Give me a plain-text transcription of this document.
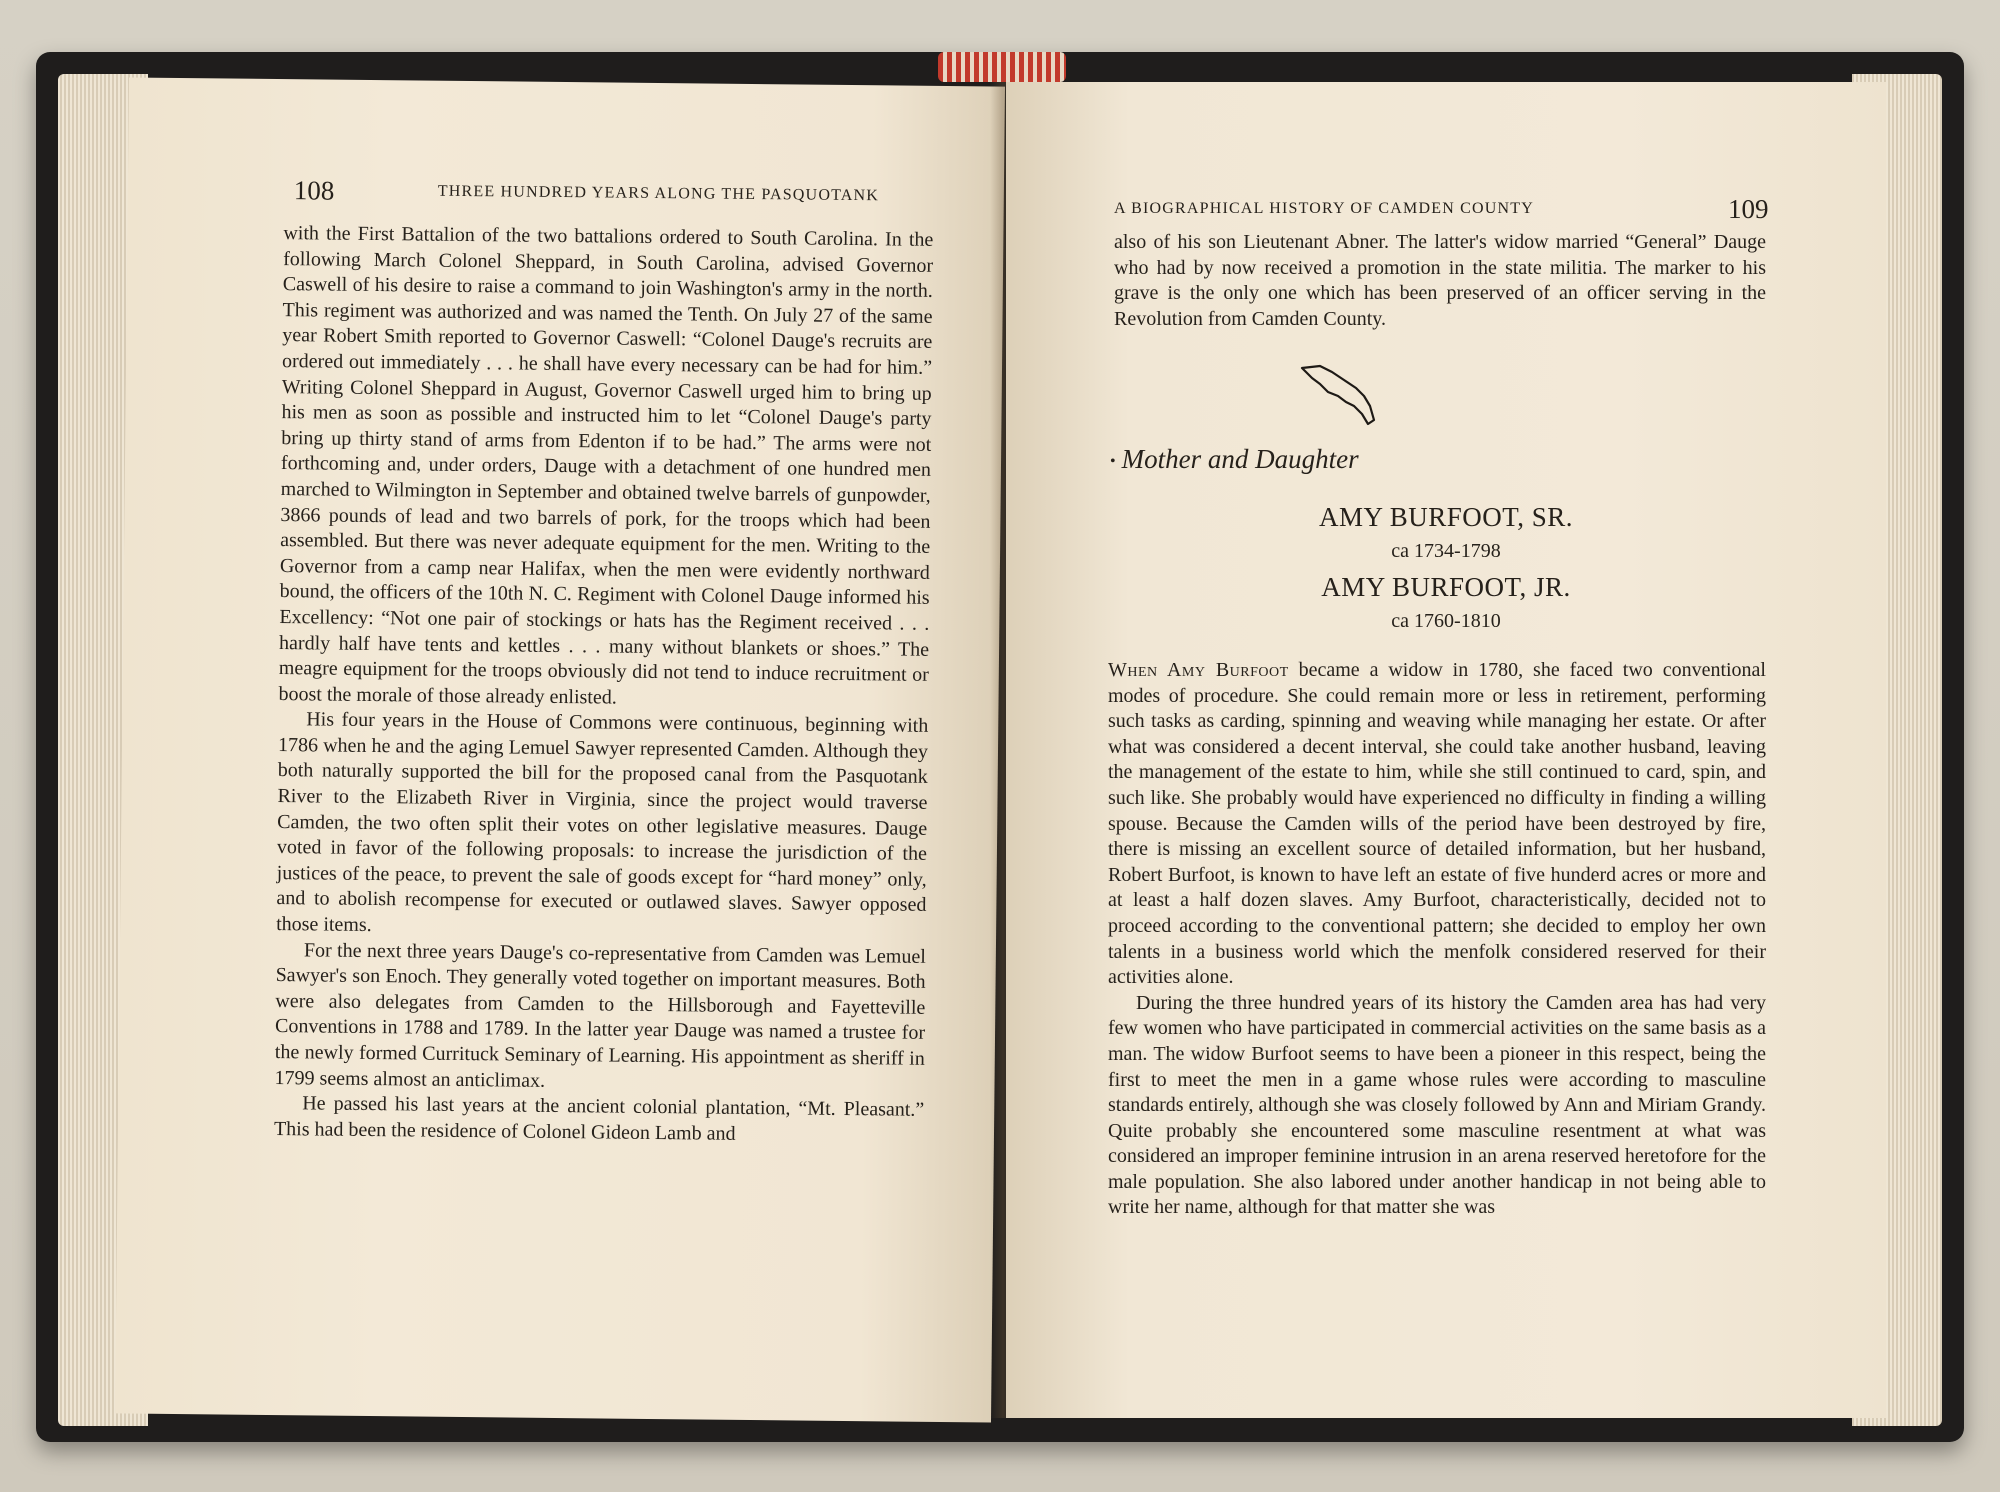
108	THREE HUNDRED YEARS ALONG THE PASQUOTANK

with the First Battalion of the two battalions ordered to South Carolina. In the following March Colonel Sheppard, in South Carolina, advised Governor Caswell of his desire to raise a command to join Washington's army in the north. This regiment was authorized and was named the Tenth. On July 27 of the same year Robert Smith reported to Governor Caswell: “Colonel Dauge's recruits are ordered out immediately . . . he shall have every necessary can be had for him.” Writing Colonel Sheppard in August, Governor Caswell urged him to bring up his men as soon as possible and instructed him to let “Colonel Dauge's party bring up thirty stand of arms from Edenton if to be had.” The arms were not forthcoming and, under orders, Dauge with a detachment of one hundred men marched to Wilmington in September and obtained twelve barrels of gunpowder, 3866 pounds of lead and two barrels of pork, for the troops which had been assembled. But there was never adequate equipment for the men. Writing to the Governor from a camp near Halifax, when the men were evidently northward bound, the officers of the 10th N. C. Regiment with Colonel Dauge informed his Excellency: “Not one pair of stockings or hats has the Regiment received . . . hardly half have tents and kettles . . . many without blankets or shoes.” The meagre equipment for the troops obviously did not tend to induce recruitment or boost the morale of those already enlisted.

His four years in the House of Commons were continuous, beginning with 1786 when he and the aging Lemuel Sawyer represented Camden. Although they both naturally supported the bill for the proposed canal from the Pasquotank River to the Elizabeth River in Virginia, since the project would traverse Camden, the two often split their votes on other legislative measures. Dauge voted in favor of the following proposals: to increase the jurisdiction of the justices of the peace, to prevent the sale of goods except for “hard money” only, and to abolish recompense for executed or outlawed slaves. Sawyer opposed those items.

For the next three years Dauge's co-representative from Camden was Lemuel Sawyer's son Enoch. They generally voted together on important measures. Both were also delegates from Camden to the Hillsborough and Fayetteville Conventions in 1788 and 1789. In the latter year Dauge was named a trustee for the newly formed Currituck Seminary of Learning. His appointment as sheriff in 1799 seems almost an anticlimax.

He passed his last years at the ancient colonial plantation, “Mt. Pleasant.” This had been the residence of Colonel Gideon Lamb and

A BIOGRAPHICAL HISTORY OF CAMDEN COUNTY	109

also of his son Lieutenant Abner. The latter's widow married “General” Dauge who had by now received a promotion in the state militia. The marker to his grave is the only one which has been preserved of an officer serving in the Revolution from Camden County.

• Mother and Daughter
AMY BURFOOT, SR.
ca 1734-1798
AMY BURFOOT, JR.
ca 1760-1810

When Amy Burfoot became a widow in 1780, she faced two conventional modes of procedure. She could remain more or less in retirement, performing such tasks as carding, spinning and weaving while managing her estate. Or after what was considered a decent interval, she could take another husband, leaving the management of the estate to him, while she still continued to card, spin, and such like. She probably would have experienced no difficulty in finding a willing spouse. Because the Camden wills of the period have been destroyed by fire, there is missing an excellent source of detailed information, but her husband, Robert Burfoot, is known to have left an estate of five hunderd acres or more and at least a half dozen slaves. Amy Burfoot, characteristically, decided not to proceed according to the conventional pattern; she decided to employ her own talents in a business world which the menfolk considered reserved for their activities alone.

During the three hundred years of its history the Camden area has had very few women who have participated in commercial activities on the same basis as a man. The widow Burfoot seems to have been a pioneer in this respect, being the first to meet the men in a game whose rules were according to masculine standards entirely, although she was closely followed by Ann and Miriam Grandy. Quite probably she encountered some masculine resentment at what was considered an improper feminine intrusion in an arena reserved heretofore for the male population. She also labored under another handicap in not being able to write her name, although for that matter she was
